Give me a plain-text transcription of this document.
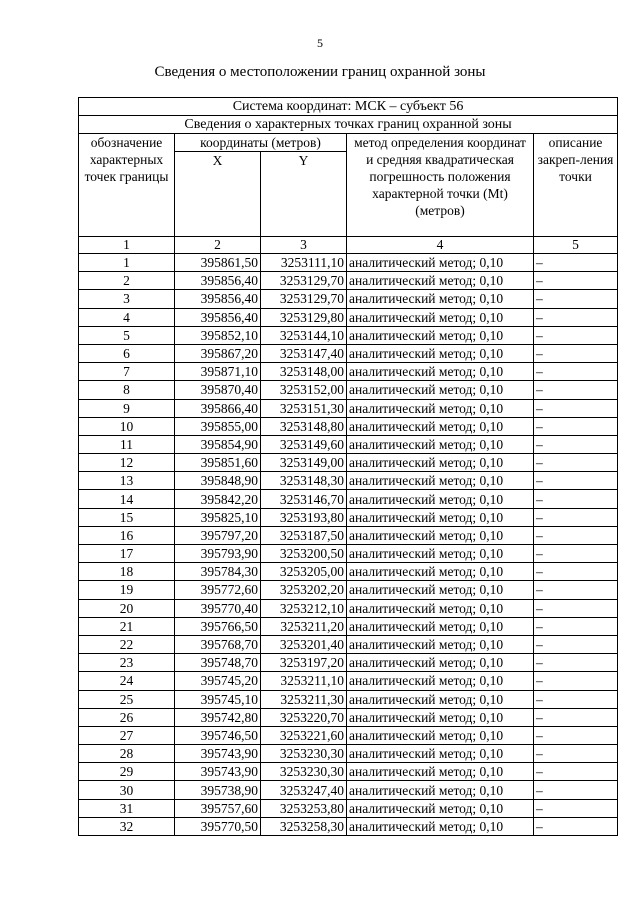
5
Сведения о местоположении границ охранной зоны
Система координат: МСК – субъект 56				
Сведения о характерных точках границ охранной зоны				
обозначение характерных точек границы	координаты (метров)		метод определения координат и средняя квадратическая погрешность положения характерной точки (Mt) (метров)	описание закреп-ления точки
	X	Y		
1	2	3	4	5
1	395861,50	3253111,10	аналитический метод; 0,10	–
2	395856,40	3253129,70	аналитический метод; 0,10	–
3	395856,40	3253129,70	аналитический метод; 0,10	–
4	395856,40	3253129,80	аналитический метод; 0,10	–
5	395852,10	3253144,10	аналитический метод; 0,10	–
6	395867,20	3253147,40	аналитический метод; 0,10	–
7	395871,10	3253148,00	аналитический метод; 0,10	–
8	395870,40	3253152,00	аналитический метод; 0,10	–
9	395866,40	3253151,30	аналитический метод; 0,10	–
10	395855,00	3253148,80	аналитический метод; 0,10	–
11	395854,90	3253149,60	аналитический метод; 0,10	–
12	395851,60	3253149,00	аналитический метод; 0,10	–
13	395848,90	3253148,30	аналитический метод; 0,10	–
14	395842,20	3253146,70	аналитический метод; 0,10	–
15	395825,10	3253193,80	аналитический метод; 0,10	–
16	395797,20	3253187,50	аналитический метод; 0,10	–
17	395793,90	3253200,50	аналитический метод; 0,10	–
18	395784,30	3253205,00	аналитический метод; 0,10	–
19	395772,60	3253202,20	аналитический метод; 0,10	–
20	395770,40	3253212,10	аналитический метод; 0,10	–
21	395766,50	3253211,20	аналитический метод; 0,10	–
22	395768,70	3253201,40	аналитический метод; 0,10	–
23	395748,70	3253197,20	аналитический метод; 0,10	–
24	395745,20	3253211,10	аналитический метод; 0,10	–
25	395745,10	3253211,30	аналитический метод; 0,10	–
26	395742,80	3253220,70	аналитический метод; 0,10	–
27	395746,50	3253221,60	аналитический метод; 0,10	–
28	395743,90	3253230,30	аналитический метод; 0,10	–
29	395743,90	3253230,30	аналитический метод; 0,10	–
30	395738,90	3253247,40	аналитический метод; 0,10	–
31	395757,60	3253253,80	аналитический метод; 0,10	–
32	395770,50	3253258,30	аналитический метод; 0,10	–
